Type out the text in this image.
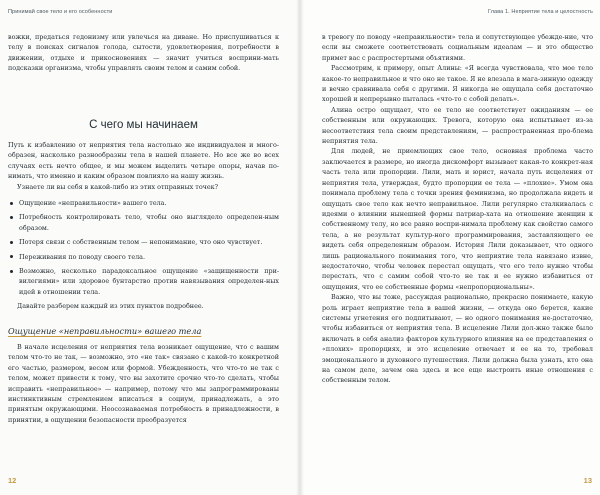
Принимай свое тело и его особенности

вожки, предаться гедонизму или увлечься на диване. Но прислушиваться к телу в поисках сигналов голода, сытости, удовлетворения, потребности в движении, отдыхе и прикосновениях — значит учиться восприни-мать подсказки организма, чтобы управлять своим телом и самим собой.

С чего мы начинаем

Путь к избавлению от неприятия тела настолько же индивидуален и много-образен, насколько разнообразны тела в нашей планете. Но все же во всех случаях есть нечто общее, и мы можем выделить четыре опоры, начав по-нимать, что именно и каким образом повлияло на нашу жизнь.

Узнаете ли вы себя в какой-либо из этих отправных точек?

Ощущение «неправильности» вашего тела.
Потребность контролировать тело, чтобы оно выглядело определен-ным образом.
Потеря связи с собственным телом — непонимание, что оно чувствует.
Переживания по поводу своего тела.
Возможно, несколько парадоксальное ощущение «защищенности при-вилегиями» или здоровое бунтарство против навязывания определен-ных идей в отношении тела.

Давайте разберем каждый из этих пунктов подробнее.

Ощущение «неправильности» вашего тела

В начале исцеления от неприятия тела возникает ощущение, что с вашим телом что-то не так, — возможно, это «не так» связано с какой-то конкретной его частью, размером, весом или формой. Убежденность, что что-то не так с телом, может привести к тому, что вы захотите срочно что-то сделать, чтобы исправить «неправильное» — например, потому что мы запрограммированы инстинктивным стремлением вписаться в социум, принадлежать, а это принятым окружающими. Неосознаваемая потребность в принадлежности, в принятии, в ощущении безопасности преобразуется

12
Глава 1. Неприятие тела и целостность

в тревогу по поводу «неправильности» тела и сопутствующее убежде-ние, что если вы сможете соответствовать социальным идеалам — и это общество примет вас с распростертыми объятиями.

Рассмотрим, к примеру, опыт Алины: «Я всегда чувствовала, что мое тело какое-то неправильное и что оно не такое. Я не влезала в мага-зинную одежду и вечно сравнивала себя с другими. Я никогда не ощущала себя достаточно хорошей и непрерывно пыталась «что-то с собой делать».

Алина остро ощущает, что ее тело не соответствует ожиданиям — ее собственным или окружающих. Тревога, которую она испытывает из-за несоответствия тела своим представлениям, — распространенная про-блема неприятия тела.

Для людей, не приемлющих свое тело, основная проблема часто заключается в размере, но иногда дискомфорт вызывает какая-то конкрет-ная часть тела или пропорции. Лили, мать и юрист, начала путь исцеления от неприятия тела, утверждая, будто пропорции ее тела — «плохие». Умом она понимала проблему тела с точки зрения феминизма, но продолжала видеть и ощущать свое тело как нечто неправильное. Лили регулярно сталкивалась с идеями о влиянии нынешней формы патриар-хата на отношение женщин к собственному телу, но все равно воспри-нимала проблему как свойство самого тела, а не результат культур-ного программирования, заставляющего ее видеть себя определенным образом. История Лили доказывает, что одного лишь рационального понимания того, что неприятие тела навязано извне, недостаточно, чтобы человек перестал ощущать, что его тело нужно чтобы перестать, что с самим собой что-то не так и ее нужно избавиться от ощущения, что ее собственные формы «непропорциональны».

Важно, что вы тоже, рассуждая рационально, прекрасно понимаете, какую роль играет неприятие тела в вашей жизни, — откуда оно берется, какие системы угнетения его подпитывают, — но одного понимания не-достаточно, чтобы избавиться от неприятия тела. В исцеление Лили дол-жно также было включать в себя анализ факторов культурного влияния на ее представления о «плохих» пропорциях, и это исцеление отвечает и ее на то, требовал эмоционального и духовного путешествия. Лили должна была узнать, кто она на самом деле, зачем она здесь и все еще выстроить иные отношения с собственным телом.

13
